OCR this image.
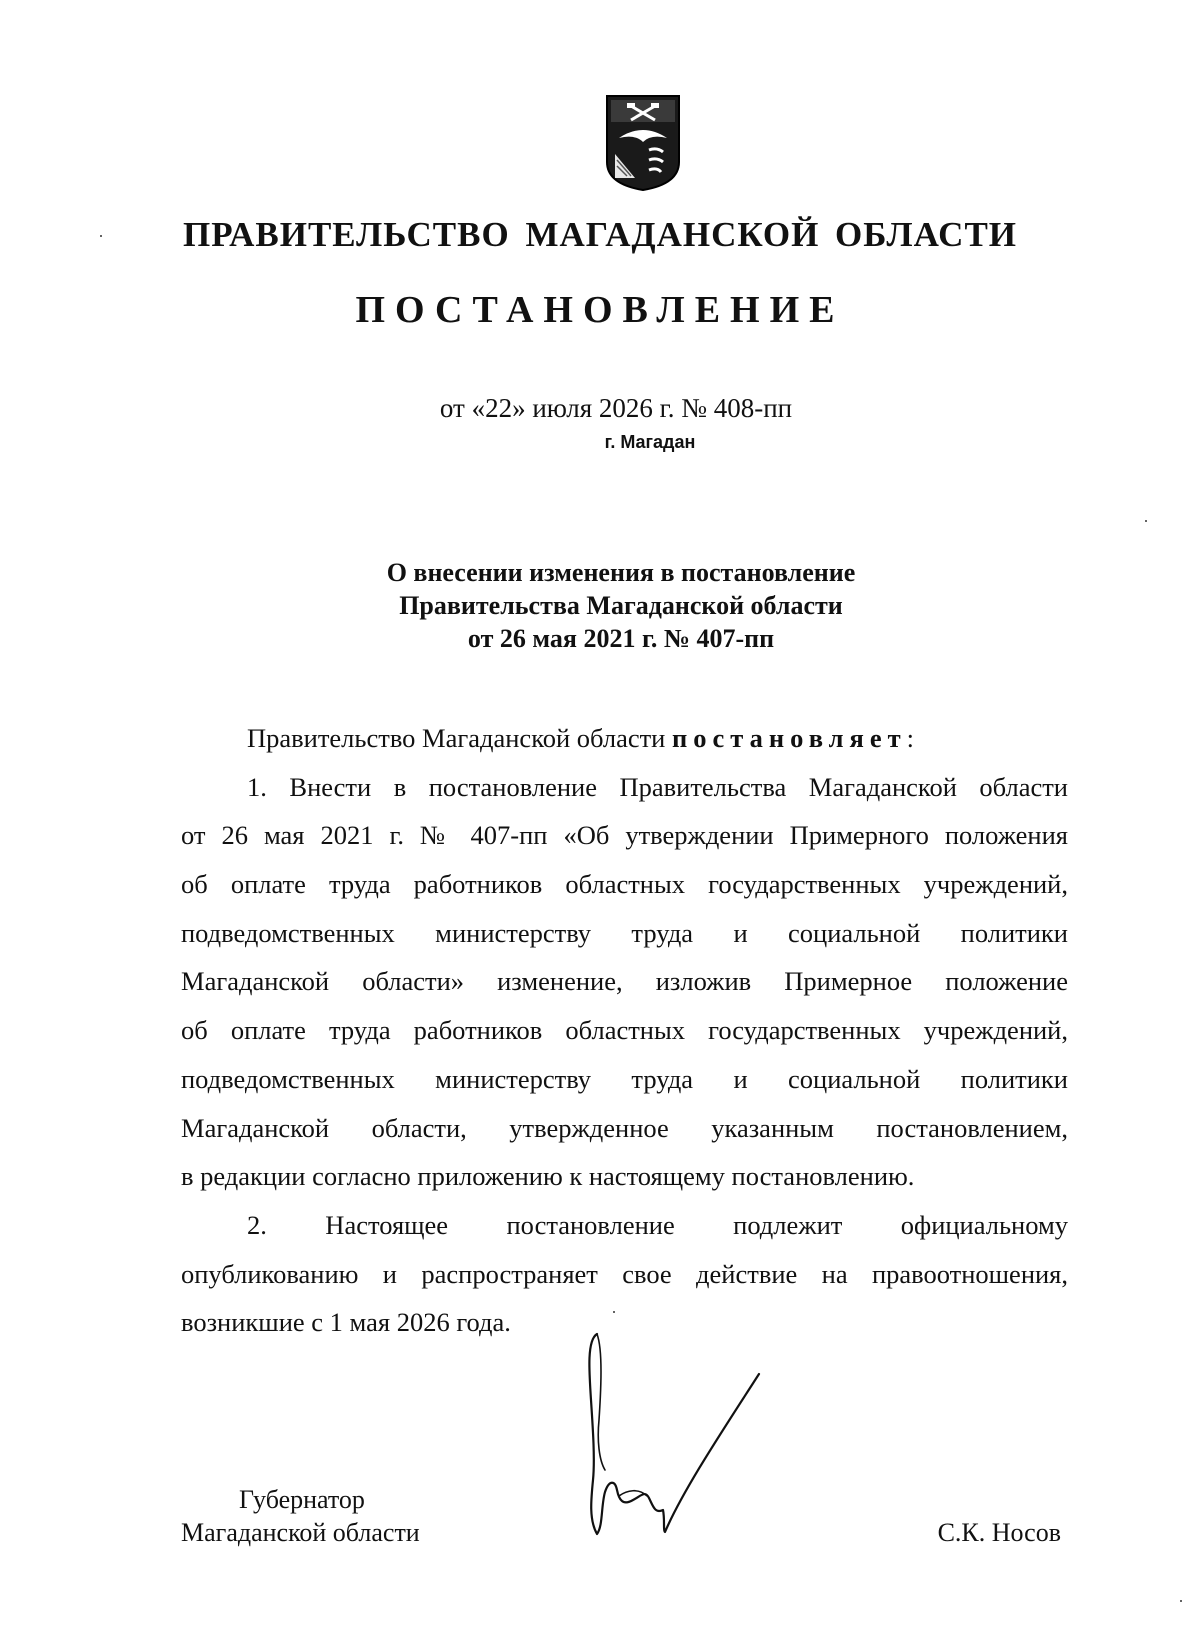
ПРАВИТЕЛЬСТВО МАГАДАНСКОЙ ОБЛАСТИ
ПОСТАНОВЛЕНИЕ
от «22» июля 2026 г. № 408-пп
г. Магадан
О внесении изменения в постановление
Правительства Магаданской области
от 26 мая 2021 г. № 407-пп
Правительство Магаданской области постановляет:
1. Внести в постановление Правительства Магаданской области
от 26 мая 2021 г. № 407-пп «Об утверждении Примерного положения
об оплате труда работников областных государственных учреждений,
подведомственных министерству труда и социальной политики
Магаданской области» изменение, изложив Примерное положение
об оплате труда работников областных государственных учреждений,
подведомственных министерству труда и социальной политики
Магаданской области, утвержденное указанным постановлением,
в редакции согласно приложению к настоящему постановлению.
2. Настоящее постановление подлежит официальному
опубликованию и распространяет свое действие на правоотношения,
возникшие с 1 мая 2026 года.
Губернатор
Магаданской области	С.К. Носов
